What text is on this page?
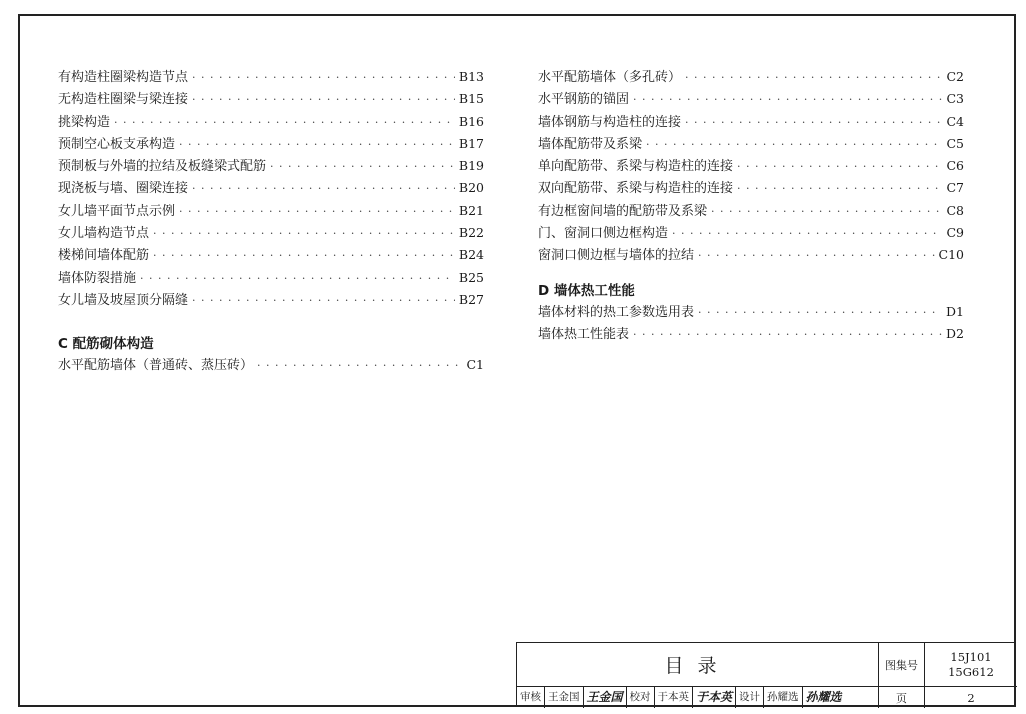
有构造柱圈梁构造节点 · · ·	B13
无构造柱圈梁与梁连接 · · ·	B15
挑梁构造 · · ·	B16
预制空心板支承构造 · · ·	B17
预制板与外墙的拉结及板缝梁式配筋 · · ·	B19
现浇板与墙、圈梁连接 · · ·	B20
女儿墙平面节点示例 · · ·	B21
女儿墙构造节点 · · ·	B22
楼梯间墙体配筋 · · ·	B24
墙体防裂措施 · · ·	B25
女儿墙及坡屋顶分隔缝 · · ·	B27
C 配筋砌体构造
水平配筋墙体（普通砖、蒸压砖） · · ·	C1
水平配筋墙体（多孔砖） · · ·	C2
水平钢筋的锚固 · · ·	C3
墙体钢筋与构造柱的连接 · · ·	C4
墙体配筋带及系梁 · · ·	C5
单向配筋带、系梁与构造柱的连接 · · ·	C6
双向配筋带、系梁与构造柱的连接 · · ·	C7
有边框窗间墙的配筋带及系梁 · · ·	C8
门、窗洞口侧边框构造 · · ·	C9
窗洞口侧边框与墙体的拉结 · · ·	C10
D 墙体热工性能
墙体材料的热工参数选用表 · · ·	D1
墙体热工性能表 · · ·	D2
目录	图集号
15J101
15G612
审核 王金国 王金国 校对 于本英 于本英 设计 孙耀选 孙耀选	页	2
